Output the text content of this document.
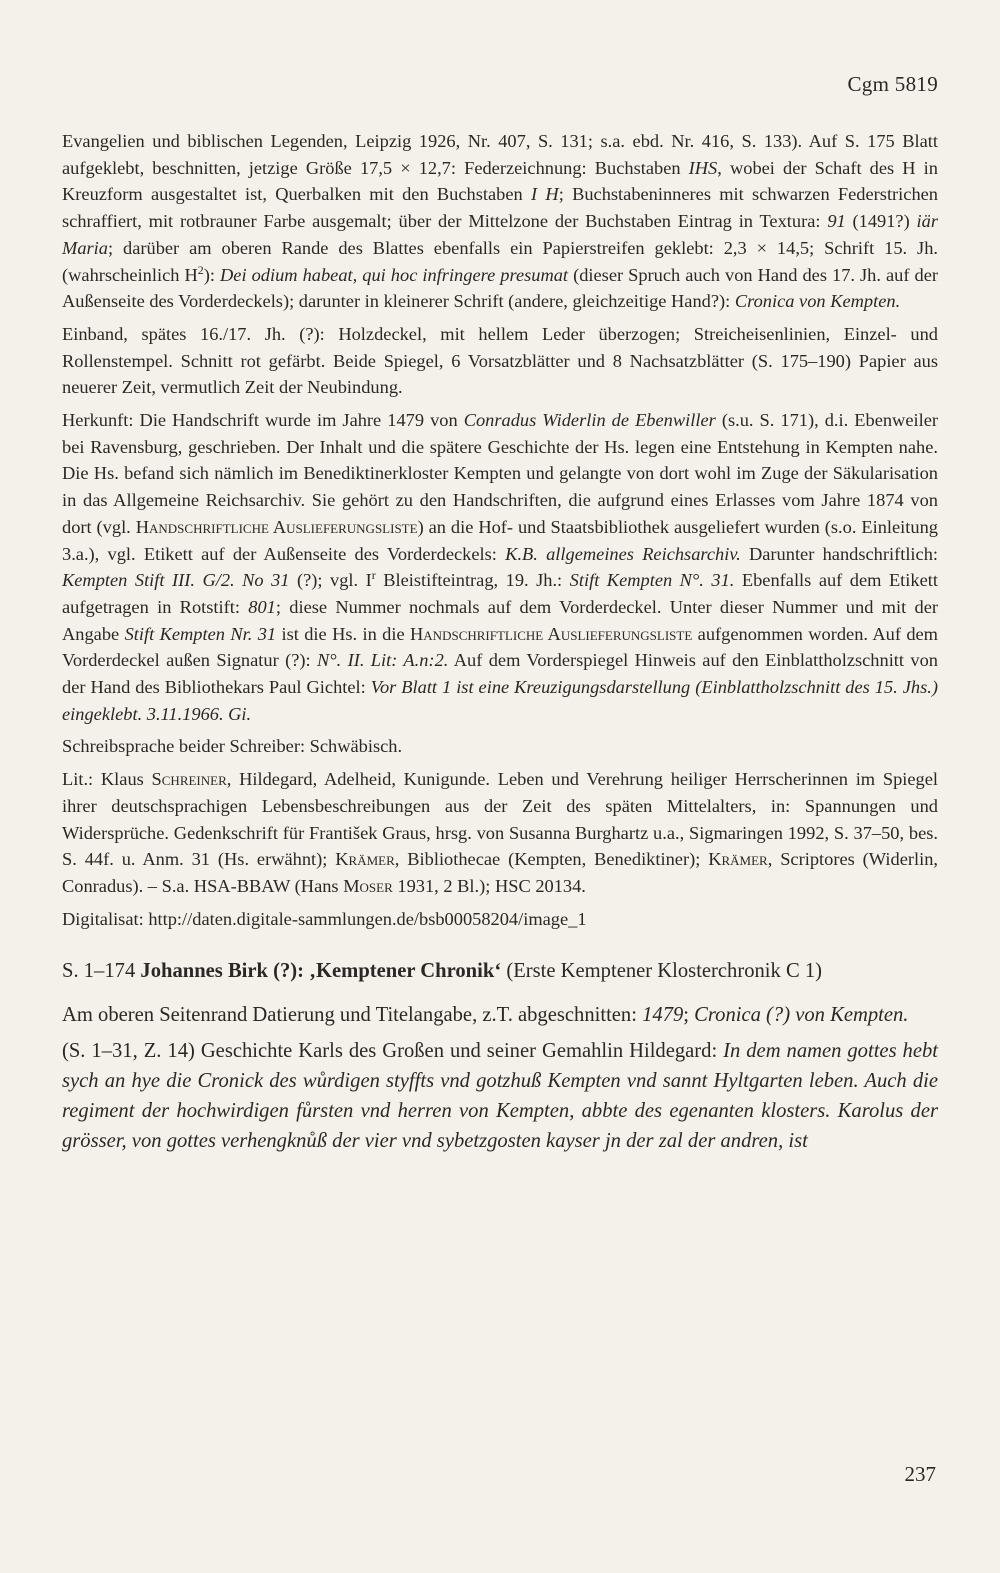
Cgm 5819

Evangelien und biblischen Legenden, Leipzig 1926, Nr. 407, S. 131; s.a. ebd. Nr. 416, S. 133). Auf S. 175 Blatt aufgeklebt, beschnitten, jetzige Größe 17,5 × 12,7: Federzeichnung: Buchstaben IHS, wobei der Schaft des H in Kreuzform ausgestaltet ist, Querbalken mit den Buchstaben I H; Buchstabeninneres mit schwarzen Federstrichen schraffiert, mit rotbrauner Farbe ausgemalt; über der Mittelzone der Buchstaben Eintrag in Textura: 91 (1491?) iär Maria; darüber am oberen Rande des Blattes ebenfalls ein Papierstreifen geklebt: 2,3 × 14,5; Schrift 15. Jh. (wahrscheinlich $H^2$): Dei odium habeat, qui hoc infringere presumat (dieser Spruch auch von Hand des 17. Jh. auf der Außenseite des Vorderdeckels); darunter in kleinerer Schrift (andere, gleichzeitige Hand?): Cronica von Kempten.

Einband, spätes 16./17. Jh. (?): Holzdeckel, mit hellem Leder überzogen; Streicheisenlinien, Einzel- und Rollenstempel. Schnitt rot gefärbt. Beide Spiegel, 6 Vorsatzblätter und 8 Nachsatzblätter (S. 175–190) Papier aus neuerer Zeit, vermutlich Zeit der Neubindung.

Herkunft: Die Handschrift wurde im Jahre 1479 von Conradus Widerlin de Ebenwiller (s.u. S. 171), d.i. Ebenweiler bei Ravensburg, geschrieben. Der Inhalt und die spätere Geschichte der Hs. legen eine Entstehung in Kempten nahe. Die Hs. befand sich nämlich im Benediktinerkloster Kempten und gelangte von dort wohl im Zuge der Säkularisation in das Allgemeine Reichsarchiv. Sie gehört zu den Handschriften, die aufgrund eines Erlasses vom Jahre 1874 von dort (vgl. Handschriftliche Auslieferungsliste) an die Hof- und Staatsbibliothek ausgeliefert wurden (s.o. Einleitung 3.a.), vgl. Etikett auf der Außenseite des Vorderdeckels: K.B. allgemeines Reichsarchiv. Darunter handschriftlich: Kempten Stift III. G/2. No 31 (?); vgl. $I^r$ Bleistifteintrag, 19. Jh.: Stift Kempten N°. 31. Ebenfalls auf dem Etikett aufgetragen in Rotstift: 801; diese Nummer nochmals auf dem Vorderdeckel. Unter dieser Nummer und mit der Angabe Stift Kempten Nr. 31 ist die Hs. in die Handschriftliche Auslieferungsliste aufgenommen worden. Auf dem Vorderdeckel außen Signatur (?): N°. II. Lit: A.n:2. Auf dem Vorderspiegel Hinweis auf den Einblattholzschnitt von der Hand des Bibliothekars Paul Gichtel: Vor Blatt 1 ist eine Kreuzigungsdarstellung (Einblattholzschnitt des 15. Jhs.) eingeklebt. 3.11.1966. Gi.

Schreibsprache beider Schreiber: Schwäbisch.

Lit.: Klaus Schreiner, Hildegard, Adelheid, Kunigunde. Leben und Verehrung heiliger Herrscherinnen im Spiegel ihrer deutschsprachigen Lebensbeschreibungen aus der Zeit des späten Mittelalters, in: Spannungen und Widersprüche. Gedenkschrift für František Graus, hrsg. von Susanna Burghartz u.a., Sigmaringen 1992, S. 37–50, bes. S. 44f. u. Anm. 31 (Hs. erwähnt); Krämer, Bibliothecae (Kempten, Benediktiner); Krämer, Scriptores (Widerlin, Conradus). – S.a. HSA-BBAW (Hans Moser 1931, 2 Bl.); HSC 20134.

Digitalisat: http://daten.digitale-sammlungen.de/bsb00058204/image_1

S. 1–174 Johannes Birk (?): ‚Kemptener Chronik‘ (Erste Kemptener Klosterchronik C 1)

Am oberen Seitenrand Datierung und Titelangabe, z.T. abgeschnitten: 1479; Cronica (?) von Kempten.

(S. 1–31, Z. 14) Geschichte Karls des Großen und seiner Gemahlin Hildegard: In dem namen gottes hebt sych an hye die Cronick des wůrdigen styffts vnd gotzhuß Kempten vnd sannt Hyltgarten leben. Auch die regiment der hochwirdigen fůrsten vnd herren von Kempten, abbte des egenanten klosters. Karolus der grösser, von gottes verhengknůß der vier vnd sybetzgosten kayser jn der zal der andren, ist

237
